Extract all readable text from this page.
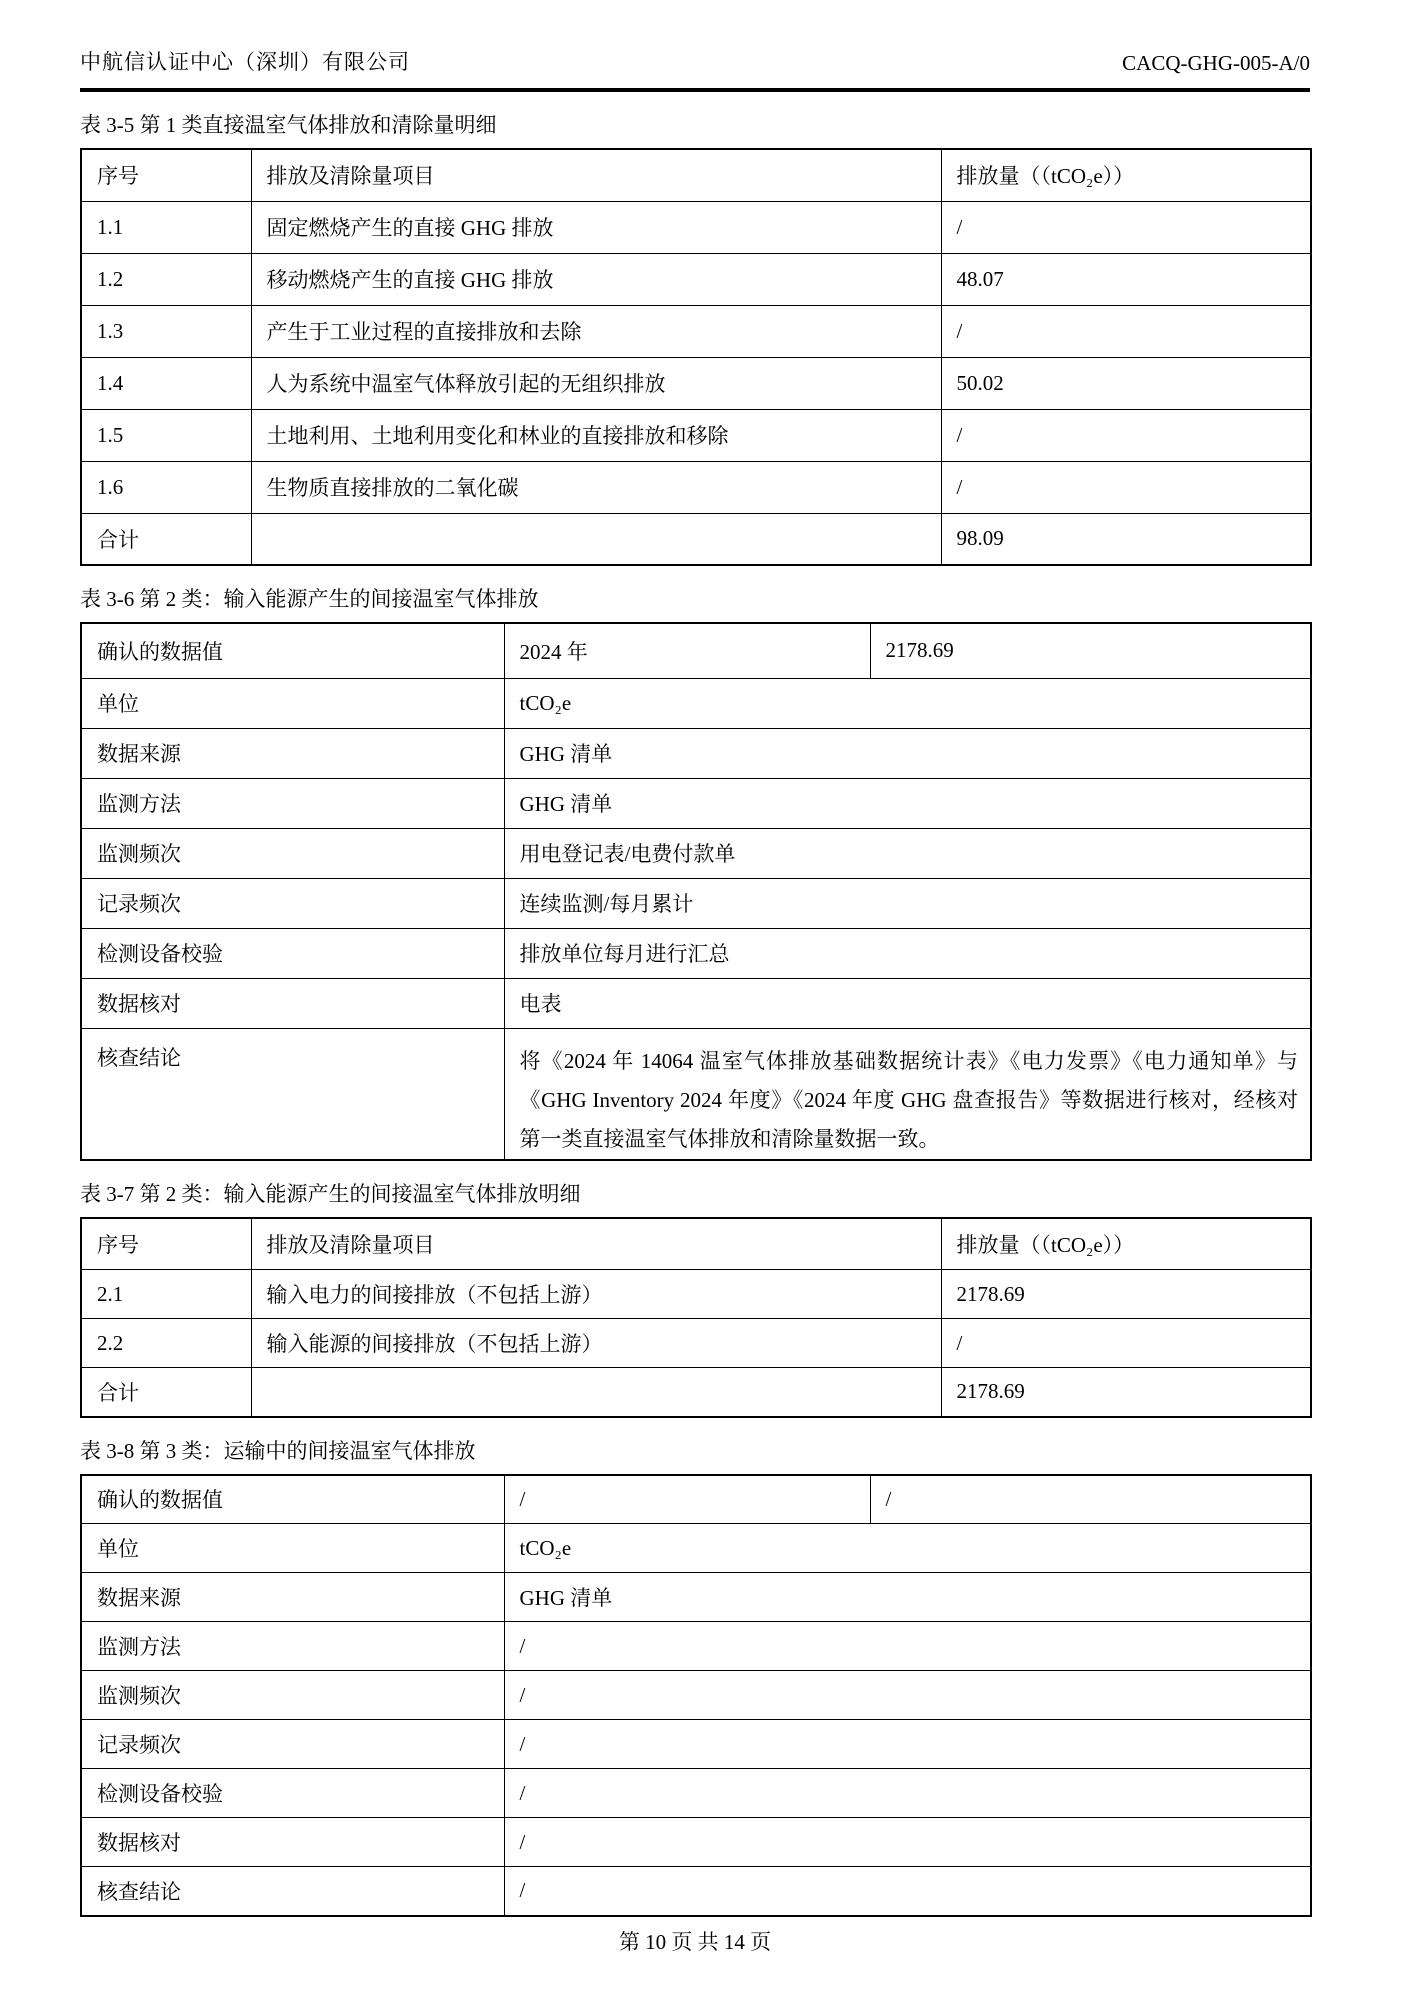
中航信认证中心（深圳）有限公司	CACQ-GHG-005-A/0
表 3-5 第 1 类直接温室气体排放和清除量明细
序号	排放及清除量项目	排放量（（tCO₂e））
1.1	固定燃烧产生的直接 GHG 排放	/
1.2	移动燃烧产生的直接 GHG 排放	48.07
1.3	产生于工业过程的直接排放和去除	/
1.4	人为系统中温室气体释放引起的无组织排放	50.02
1.5	土地利用、土地利用变化和林业的直接排放和移除	/
1.6	生物质直接排放的二氧化碳	/
合计		98.09
表 3-6 第 2 类：输入能源产生的间接温室气体排放
确认的数据值	2024 年	2178.69
单位	tCO₂e	
数据来源	GHG 清单	
监测方法	GHG 清单	
监测频次	用电登记表/电费付款单	
记录频次	连续监测/每月累计	
检测设备校验	排放单位每月进行汇总	
数据核对	电表	
核查结论	将《2024 年 14064 温室气体排放基础数据统计表》《电力发票》《电力通知单》与《GHG Inventory 2024 年度》《2024 年度 GHG 盘查报告》等数据进行核对，经核对第一类直接温室气体排放和清除量数据一致。	
表 3-7 第 2 类：输入能源产生的间接温室气体排放明细
序号	排放及清除量项目	排放量（（tCO₂e））
2.1	输入电力的间接排放（不包括上游）	2178.69
2.2	输入能源的间接排放（不包括上游）	/
合计		2178.69
表 3-8 第 3 类：运输中的间接温室气体排放
确认的数据值	/	/
单位	tCO₂e	
数据来源	GHG 清单	
监测方法	/	
监测频次	/	
记录频次	/	
检测设备校验	/	
数据核对	/	
核查结论	/	
第 10 页 共 14 页
